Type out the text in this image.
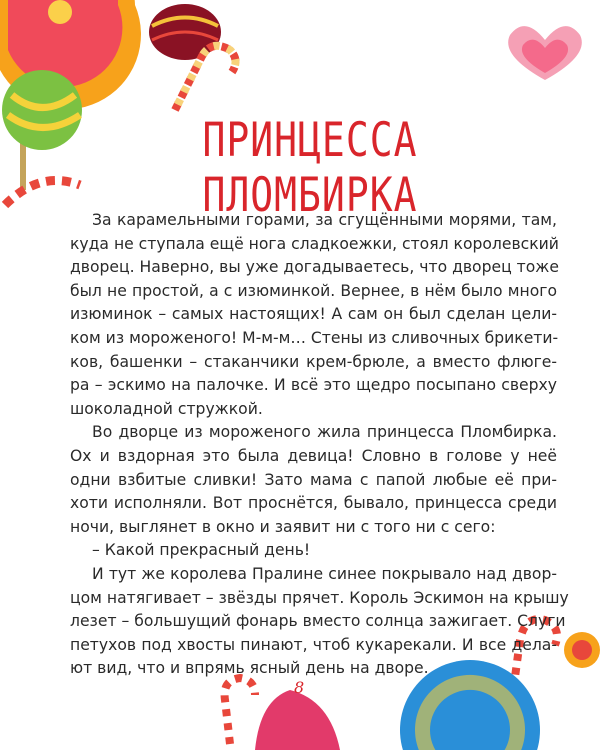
ПРИНЦЕССА ПЛОМБИРКА
За карамельными горами, за сгущёнными морями, там,
куда не ступала ещё нога сладкоежки, стоял королевский
дворец. Наверно, вы уже догадываетесь, что дворец тоже
был не простой, а с изюминкой. Вернее, в нём было много
изюминок – самых настоящих! А сам он был сделан цели-
ком из мороженого! М-м-м… Стены из сливочных брикети-
ков, башенки – стаканчики крем-брюле, а вместо флюге-
ра – эскимо на палочке. И всё это щедро посыпано сверху
шоколадной стружкой.
Во дворце из мороженого жила принцесса Пломбирка.
Ох и вздорная это была девица! Словно в голове у неё
одни взбитые сливки! Зато мама с папой любые её при-
хоти исполняли. Вот проснётся, бывало, принцесса среди
ночи, выглянет в окно и заявит ни с того ни с сего:
– Какой прекрасный день!
И тут же королева Пралине синее покрывало над двор-
цом натягивает – звёзды прячет. Король Эскимон на крышу
лезет – большущий фонарь вместо солнца зажигает. Слуги
петухов под хвосты пинают, чтоб кукарекали. И все дела-
ют вид, что и впрямь ясный день на дворе.
8
